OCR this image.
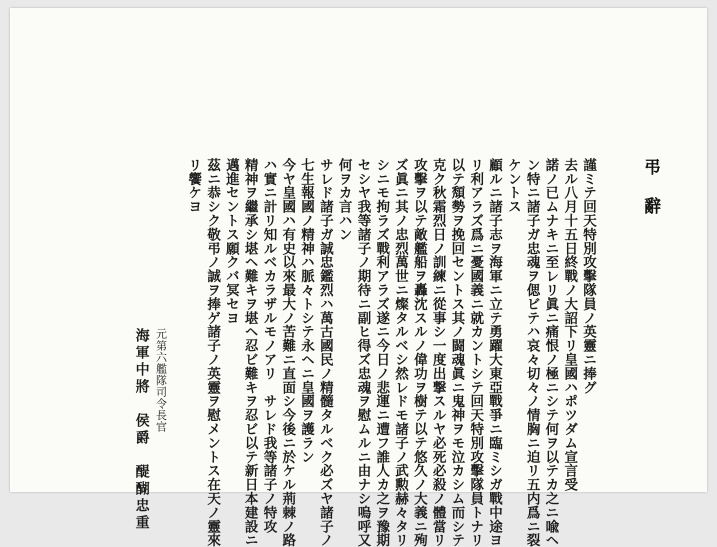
弔辭
謹ミテ回天特別攻擊隊員ノ英靈ニ捧グ
去ル八月十五日終戰ノ大詔下リ皇國ハポツダム宣言受
諾ノ已ムナキニ至レリ眞ニ痛恨ノ極ニシテ何ヲ以テカ之ニ喩ヘ
ン特ニ諸子ガ忠魂ヲ偲ビテハ哀々切々ノ情胸ニ迫リ五内爲ニ裂
ケントス
顧ルニ諸子志ヲ海軍ニ立テ勇躍大東亞戰爭ニ臨ミシガ戰中途ヨ
リ利アラズ爲ニ憂國義ニ就カントシテ回天特別攻擊隊員トナリ
以テ頽勢ヲ挽回セントス其ノ闘魂眞ニ鬼神ヲモ泣カシム而シテ
克ク秋霜烈日ノ訓練ニ從事シ一度出撃スルヤ必死必殺ノ體當リ
攻擊ヲ以テ敵艦船ヲ轟沈スルノ偉功ヲ樹テ以テ悠久ノ大義ニ殉
ズ眞ニ其ノ忠烈萬世ニ燦タルベシ然レドモ諸子ノ武勲赫々タリ
シニモ拘ラズ戰利アラズ遂ニ今日ノ悲運ニ遭フ誰人カ之ヲ豫期
セシヤ我等諸子ノ期待ニ副ヒ得ズ忠魂ヲ慰ムルニ由ナシ嗚呼又
何ヲカ言ハン
サレド諸子ガ誠忠鑑烈ハ萬古國民ノ精髓タルベク必ズヤ諸子ノ
七生報國ノ精神ハ脈々トシテ永ヘニ皇國ヲ護ラン
今ヤ皇國ハ有史以來最大ノ苦難ニ直面シ今後ニ於ケル荊棘ノ路
ハ實ニ計リ知ルベカラザルモノアリ　サレド我等諸子ノ特攻
精神ヲ繼承シ堪ヘ難キヲ堪ヘ忍ビ難キヲ忍ビ以テ新日本建設ニ
邁進セントス願クバ冥セヨ
茲ニ恭シク敬弔ノ誠ヲ捧ゲ諸子ノ英靈ヲ慰メントス在天ノ靈來
リ饗ケヨ
元第六艦隊司令長官
海軍中將　侯爵　醍醐忠重
